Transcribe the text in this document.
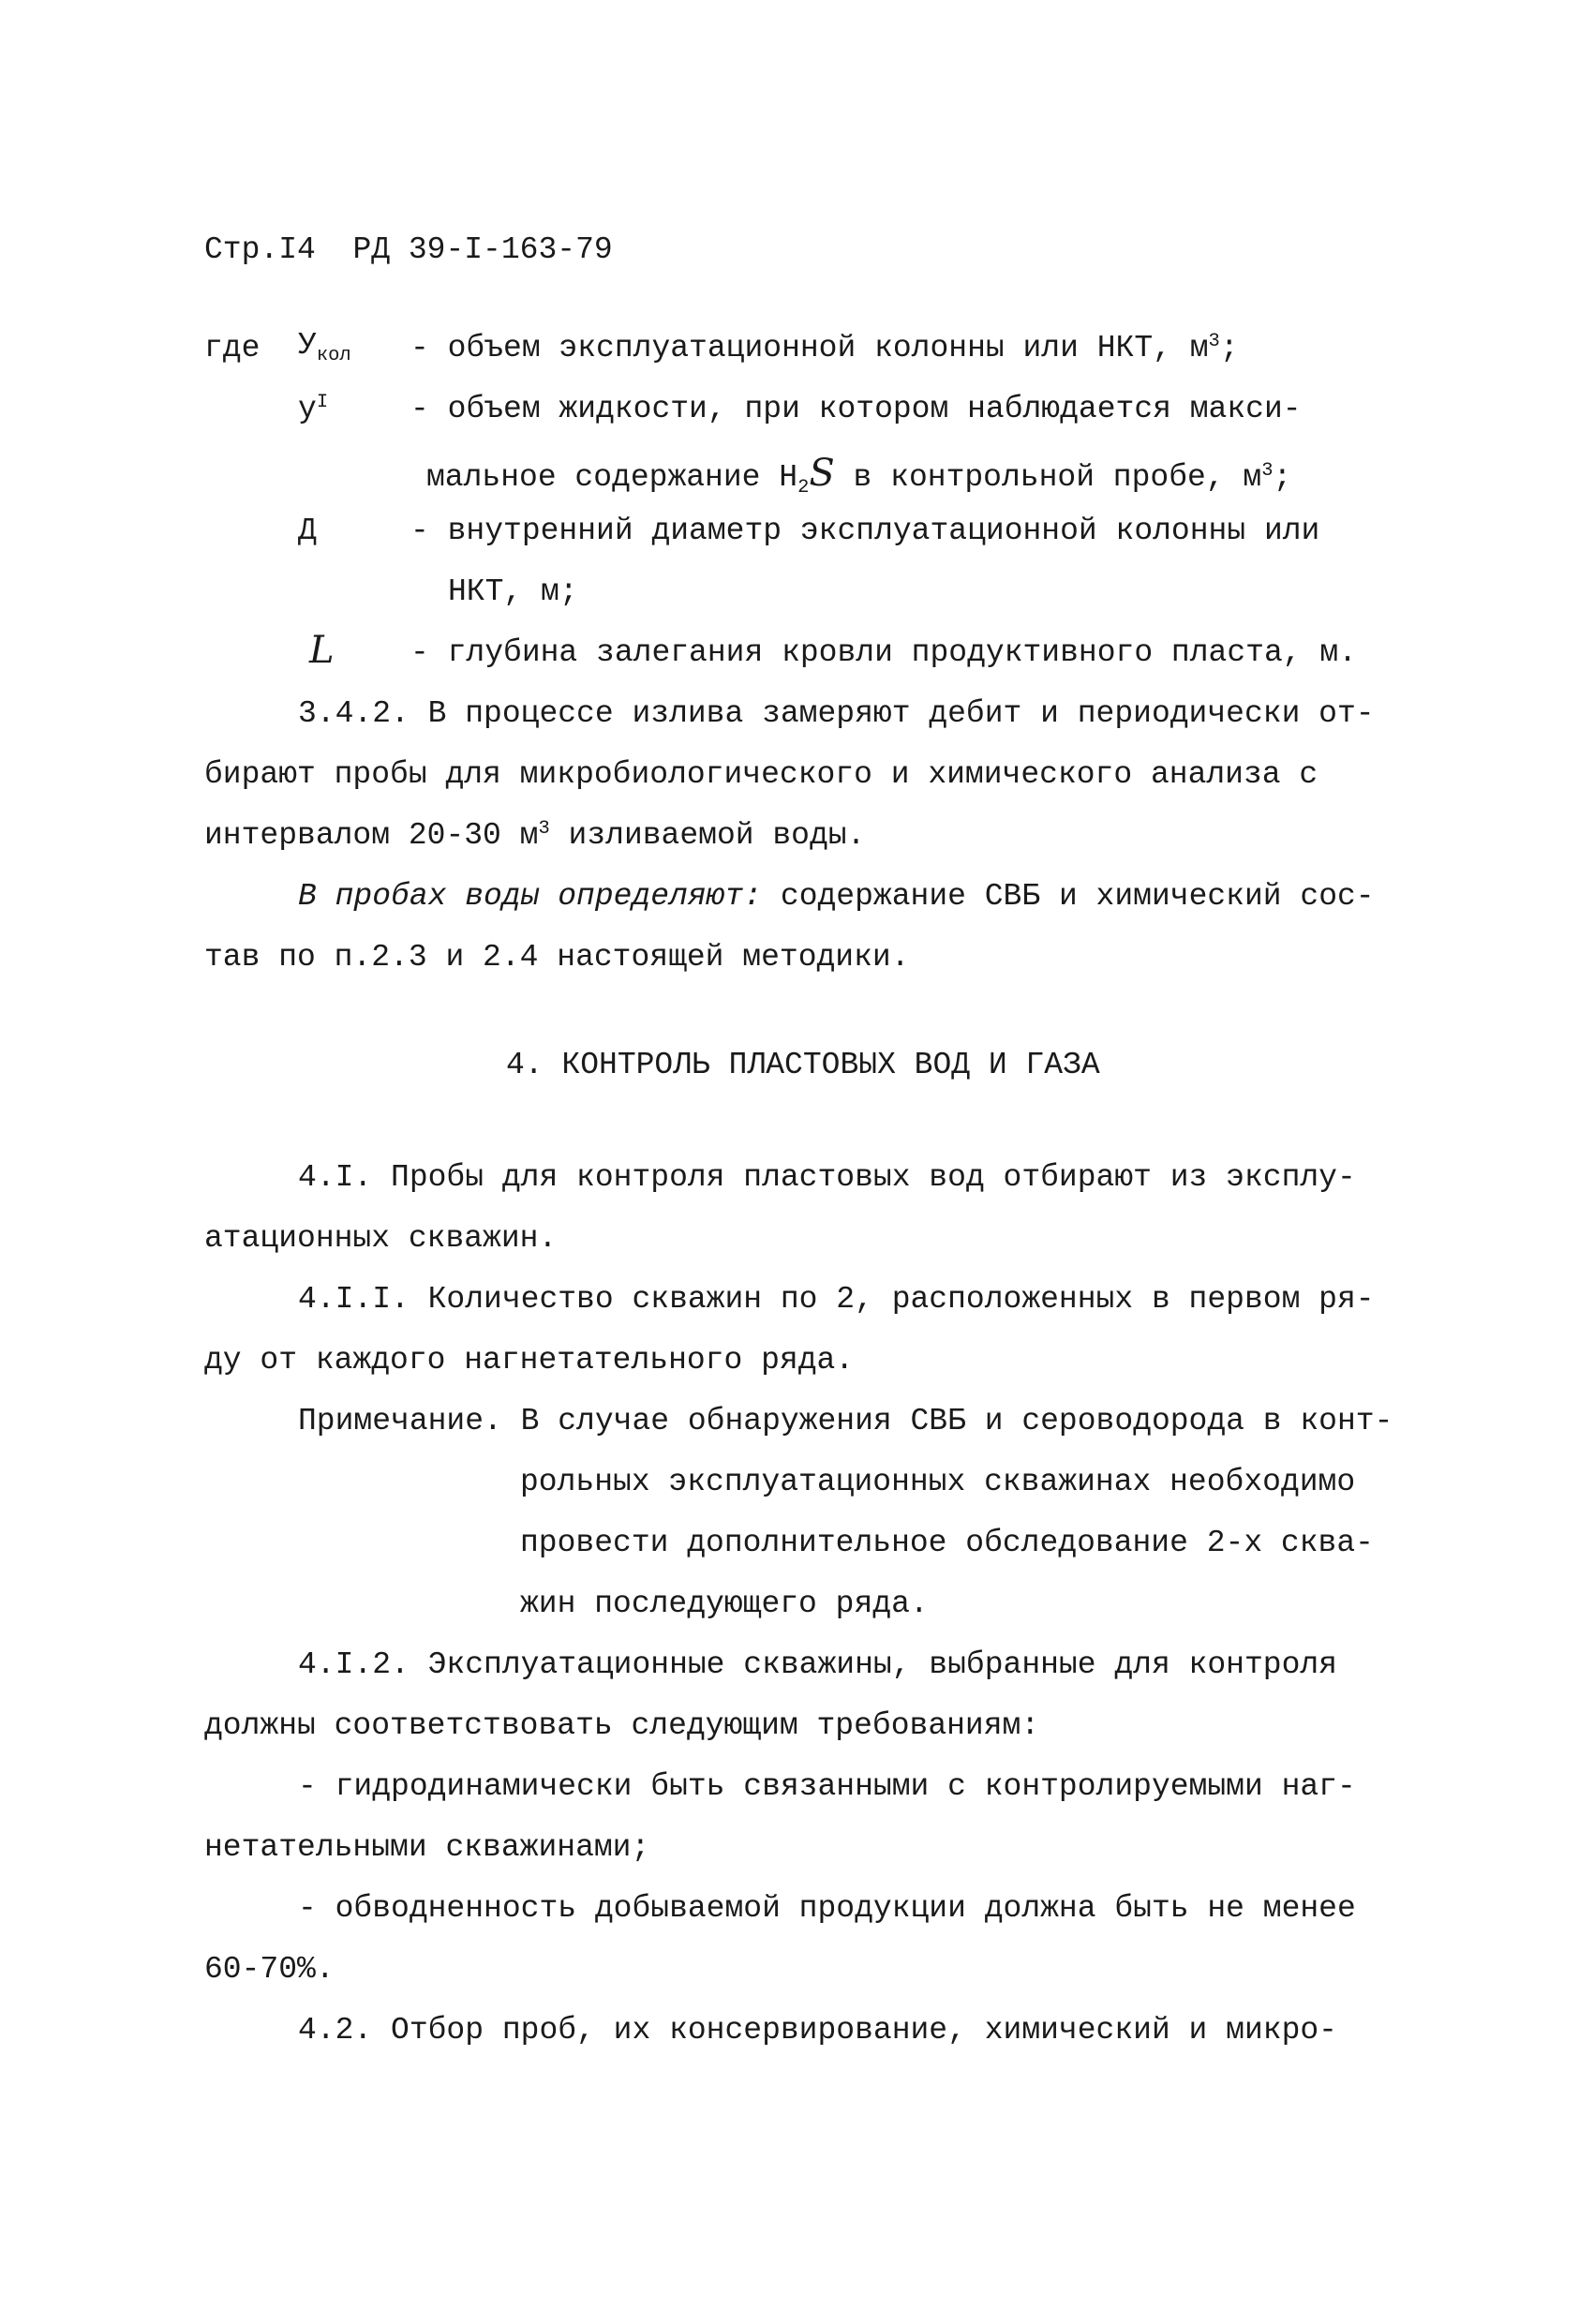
Стр.I4 РД 39-I-163-79
где $У_{кол}$ - объем эксплуатационной колонны или НКТ, $м^3$;
$у^I$	- объем жидкости, при котором наблюдается макси-
мальное содержание $H_2S$ в контрольной пробе, $м^3$;
Д	- внутренний диаметр эксплуатационной колонны или
НКТ, м;
L - глубина залегания кровли продуктивного пласта, м.
3.4.2. В процессе излива замеряют дебит и периодически от-
бирают пробы для микробиологического и химического анализа с
интервалом 20-30 $м^3$ изливаемой воды.
В пробах воды определяют: содержание СВБ и химический сос-
тав по п.2.3 и 2.4 настоящей методики.
4. КОНТРОЛЬ ПЛАСТОВЫХ ВОД И ГАЗА
4.I. Пробы для контроля пластовых вод отбирают из эксплу-
атационных скважин.
4.I.I. Количество скважин по 2, расположенных в первом ря-
ду от каждого нагнетательного ряда.
Примечание. В случае обнаружения СВБ и сероводорода в конт-
рольных эксплуатационных скважинах необходимо
провести дополнительное обследование 2-х сква-
жин последующего ряда.
4.I.2. Эксплуатационные скважины, выбранные для контроля
должны соответствовать следующим требованиям:
- гидродинамически быть связанными с контролируемыми наг-
нетательными скважинами;
- обводненность добываемой продукции должна быть не менее
60-70%.
4.2. Отбор проб, их консервирование, химический и микро-
